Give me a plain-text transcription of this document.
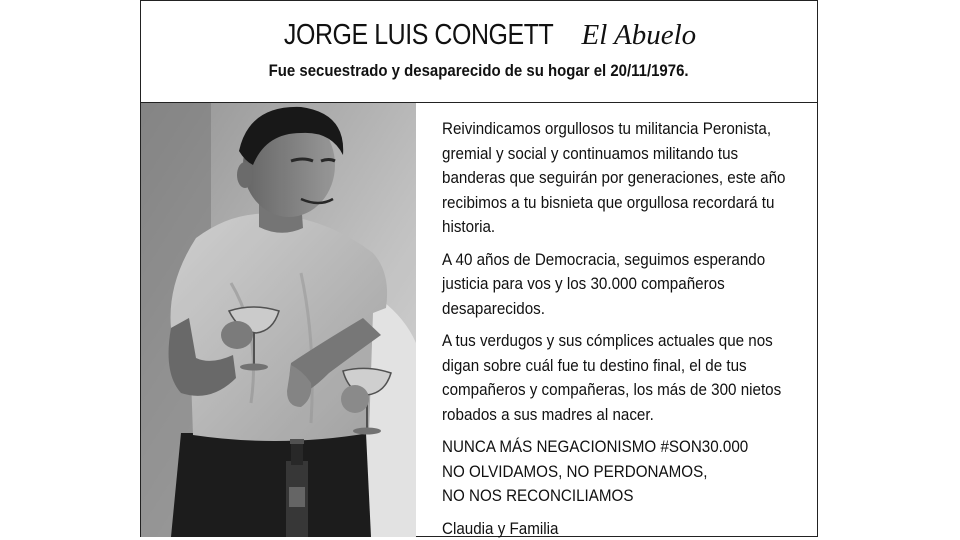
JORGE LUIS CONGETT El Abuelo
Fue secuestrado y desaparecido de su hogar el 20/11/1976.

Reivindicamos orgullosos tu militancia Peronista, gremial y social y continuamos militando tus banderas que seguirán por generaciones, este año recibimos a tu bisnieta que orgullosa recordará tu historia.

A 40 años de Democracia, seguimos esperando justicia para vos y los 30.000 compañeros desaparecidos.

A tus verdugos y sus cómplices actuales que nos digan sobre cuál fue tu destino final, el de tus compañeros y compañeras, los más de 300 nietos robados a sus madres al nacer.

NUNCA MÁS NEGACIONISMO #SON30.000
NO OLVIDAMOS, NO PERDONAMOS,
NO NOS RECONCILIAMOS

Claudia y Familia
